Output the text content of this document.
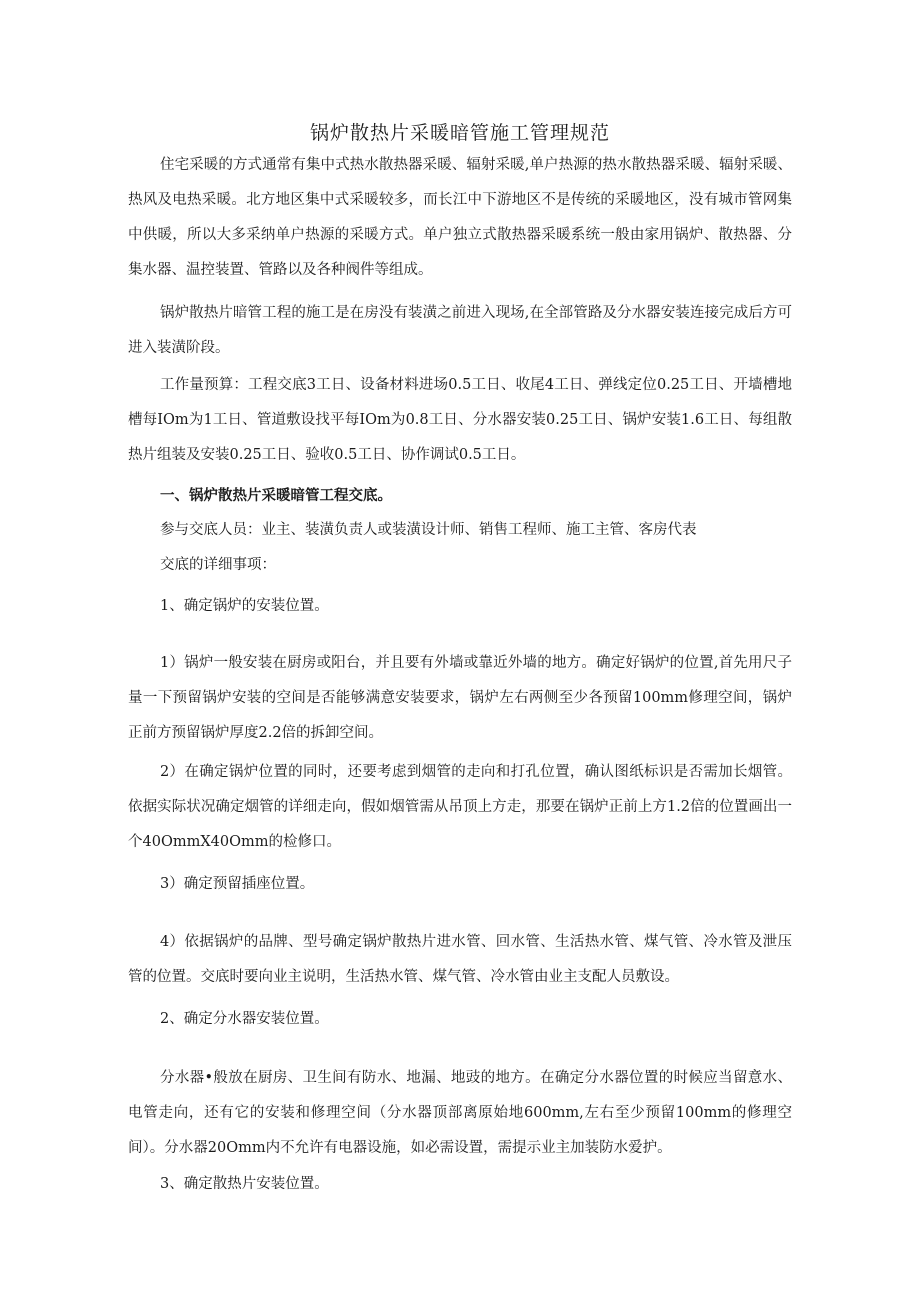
锅炉散热片采暖暗管施工管理规范

住宅采暖的方式通常有集中式热水散热器采暖、辐射采暖,单户热源的热水散热器采暖、辐射采暖、热风及电热采暖。北方地区集中式采暖较多，而长江中下游地区不是传统的采暖地区，没有城市管网集中供暖，所以大多采纳单户热源的采暖方式。单户独立式散热器采暖系统一般由家用锅炉、散热器、分集水器、温控装置、管路以及各种阀件等组成。

锅炉散热片暗管工程的施工是在房没有装潢之前进入现场,在全部管路及分水器安装连接完成后方可进入装潢阶段。

工作量预算：工程交底3工日、设备材料进场0.5工日、收尾4工日、弹线定位0.25工日、开墙槽地槽每IOm为1工日、管道敷设找平每IOm为0.8工日、分水器安装0.25工日、锅炉安装1.6工日、每组散热片组装及安装0.25工日、验收0.5工日、协作调试0.5工日。

一、锅炉散热片采暖暗管工程交底。

参与交底人员：业主、装潢负责人或装潢设计师、销售工程师、施工主管、客房代表

交底的详细事项：

1、确定锅炉的安装位置。

1）锅炉一般安装在厨房或阳台，并且要有外墙或靠近外墙的地方。确定好锅炉的位置,首先用尺子量一下预留锅炉安装的空间是否能够满意安装要求，锅炉左右两侧至少各预留100mm修理空间，锅炉正前方预留锅炉厚度2.2倍的拆卸空间。

2）在确定锅炉位置的同时，还要考虑到烟管的走向和打孔位置，确认图纸标识是否需加长烟管。依据实际状况确定烟管的详细走向，假如烟管需从吊顶上方走，那要在锅炉正前上方1.2倍的位置画出一个40OmmX40Omm的检修口。

3）确定预留插座位置。

4）依据锅炉的品牌、型号确定锅炉散热片进水管、回水管、生活热水管、煤气管、冷水管及泄压管的位置。交底时要向业主说明，生活热水管、煤气管、冷水管由业主支配人员敷设。

2、确定分水器安装位置。

分水器•般放在厨房、卫生间有防水、地漏、地豉的地方。在确定分水器位置的时候应当留意水、电管走向，还有它的安装和修理空间（分水器顶部离原始地600mm,左右至少预留100mm的修理空间）。分水器20Omm内不允许有电器设施，如必需设置，需提示业主加装防水爱护。

3、确定散热片安装位置。
